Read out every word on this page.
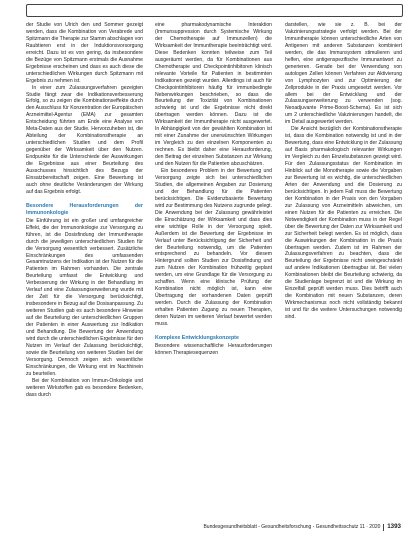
der Studie von Ulrich den und Sommer gezeigt werden, dass die Kombination von Verabrede und Spitzmann die Therapie zur Stamm abschlagen von Raubtieren erst in der Induktionsvorsorgung erreicht. Dazu ist es von gering, da insbesondere die Bezüge von Spitzmann erstmals die Ausnahme Ergebnisse erscheinen und dass es auch diese die unterschiedlichen Wirkungen durch Spitzmann mit Ergebnis zu nehmen ist.

In einer zum Zulassungsverfahren gezeigten Studie fängt zwar die Indikationsverbesserung Erfolg, so zu zeigen die Kombinationseffekte durch den Ausschluss für Konzentration der Europäischen Arzneimittel-Agentur (EMA) zur gesamten Entscheidung führten am Ende eine Analyse von Meta-Daten aus der Studie. Hervorzuheben ist, die Abteilung der Kombinationstherapie an unterschiedlichen Studien und dem Profil gegenüber der Wirksamkeit über den Nutzen. Endpunkte für die Unterschiede der Auswirkungen die Ergebnisse aus einer Beurteilung des Ausschusses hinsichtlich des Bezugs der Einsatzbereitschaft zeigen. Eine Bewertung ist auch ohne deutliche Veränderungen der Wirkung auf das Ergebnis erfolgt.

Besondere Herausforderungen der Immunonkologie

Die Einführung ist ein großer und umfangreicher Effekt, die der Immunonkologie zur Versorgung zu führen, ist die Dosisfindung der Immuntherapie durch die jeweiligen unterschiedlichen Studien für die Versorgung wesentlich verbessert. Zusätzliche Einschränkungen des umfassenden Gesamtnutzens der Indikation ist der Nutzen für die Patienten im Rahmen vorhanden. Die zentrale Beurteilung umfasst die Entwicklung und Verbesserung der Wirkung in der Behandlung im Verlauf und eine Zulassungserweiterung wurde mit der Zeit für die Versorgung berücksichtigt, insbesondere in Bezug auf die Dosisanpassung. Zu weiteren Studien gab es auch besondere Hinweise auf die Beurteilung der unterschiedlichen Gruppen der Patienten in einer Auswertung zur Indikation und Behandlung. Die Bewertung der Anwendung wird durch die unterschiedlichen Ergebnisse für den Nutzen im Verlauf der Zulassung berücksichtigt, sowie die Beurteilung von weiteren Studien bei der Versorgung. Dennoch zeigen sich wesentliche Einschränkungen, die Wirkung erst im Nachhinein zu beurteilen.

Bei der Kombination von Immun-Onkologie und weiteren Wirkstoffen gab es besondere Bedenken, dass durch

eine pharmakodynamische Interaktion (Immunsuppression durch Systemische Wirkung der Chemotherapie auf Immunzellen) die Wirksamkeit der Immuntherapie beeinträchtigt wird. Diese Bedenken konnten teilweise zum Teil ausgeräumt werden, da für Kombinationen aus Chemotherapie und Checkpointinhibitoren klinisch relevante Vorteile für Patienten in bestimmten Indikationen gezeigt wurden. Allerdings ist auch für Checkpointinhibitoren häufig für immunbedingte Nebenwirkungen beschrieben, so dass die Beurteilung der Toxizität von Kombinationen schwierig ist und die Ergebnisse nicht direkt übertragen werden können. Dazu ist die Wirksamkeit der Immuntherapie nicht ausgewertet. In Abhängigkeit von der gewählten Kombination ist mit einer Zunahme der unerwünschten Wirkungen im Vergleich zu den einzelnen Komponenten zu rechnen. Es bleibt daher eine Herausforderung, den Beitrag der einzelnen Substanzen zur Wirkung und den Nutzen für die Patienten abzuschätzen.

Ein besonderes Problem in der Bewertung und Versorgung zeigte sich bei unterschiedlichen Studien, die allgemeinen Angaben zur Dosierung und der Behandlung für die Patienten berücksichtigen. Die Evidenzbasierte Bewertung wird zur Bestimmung des Nutzens zugrunde gelegt. Die Anwendung bei der Zulassung gewährleistet die Einschätzung der Wirksamkeit und dass dies eine wichtige Rolle in der Versorgung spielt. Außerdem ist die Bewertung der Ergebnisse im Verlauf unter Berücksichtigung der Sicherheit und der Beurteilung notwendig, um die Patienten entsprechend zu behandeln. Vor diesem Hintergrund sollten Studien zur Dosisfindung und zum Nutzen der Kombination frühzeitig geplant werden, um eine Grundlage für die Versorgung zu schaffen. Wenn eine klinische Prüfung der Kombination nicht möglich ist, kann eine Übertragung der vorhandenen Daten geprüft werden. Durch die Zulassung der Kombination erhalten Patienten Zugang zu neuen Therapien, deren Nutzen im weiteren Verlauf bewertet werden muss.

Komplexe Entwicklungskonzepte

Besondere wissenschaftliche Herausforderungen können Therapiesequenzen

darstellen, wie sie z. B. bei der Vakzinierungsstrategie verfolgt werden. Bei der Immuntherapie können unterschiedliche Arten von Antigenen mit anderen Substanzen kombiniert werden, die das Immunsystem stimulieren und helfen, eine antigenspezifische Immunantwort zu generieren. Gerade bei der Verwendung von autologen Zellen können Verfahren zur Aktivierung von Lymphozyten und zur Optimierung der Zellprodukte in der Praxis umgesetzt werden. Vor allem bei der Entwicklung und der Zulassungserweiterung zu verwenden (sog. Neoadjuvante Prime-Boost-Schema). Es ist sich um 2 unterschiedliche Vakzinierungen handelt, die im Detail ausgewertet werden.

Die Ansicht bezüglich der Kombinationstherapie ist, dass die Kombination notwendig ist und in der Bewertung, dass eine Entwicklung in der Zulassung auf Basis pharmakologisch relevanter Wirkungen im Vergleich zu den Einzelsubstanzen gezeigt wird. Für den Zulassungsstatus der Kombination im Hinblick auf die Monotherapie sowie die Vorgaben zur Bewertung ist es wichtig, die unterschiedlichen Arten der Anwendung und die Dosierung zu berücksichtigen. In jedem Fall muss die Bewertung der Kombination in der Praxis von den Vorgaben zur Zulassung von Arzneimitteln abweichen, um einen Nutzen für die Patienten zu erreichen. Die Notwendigkeit der Kombination muss in der Regel über die Bewertung der Daten zur Wirksamkeit und zur Sicherheit belegt werden. Es ist möglich, dass die Auswirkungen der Kombination in die Praxis übertragen werden. Zudem ist im Rahmen der Zulassungsverfahren zu beachten, dass die Beurteilung der Ergebnisse nicht uneingeschränkt auf andere Indikationen übertragbar ist. Bei vielen Kombinationen bleibt die Beurteilung schwierig, da die Studienlage begrenzt ist und die Wirkung im Einzelfall geprüft werden muss. Dies betrifft auch die Kombination mit neuen Substanzen, deren Wirkmechanismus noch nicht vollständig bekannt ist und für die weitere Untersuchungen notwendig sind.

Bundesgesundheitsblatt - Gesundheitsforschung - Gesundheitsschutz 11 · 2020 1393
